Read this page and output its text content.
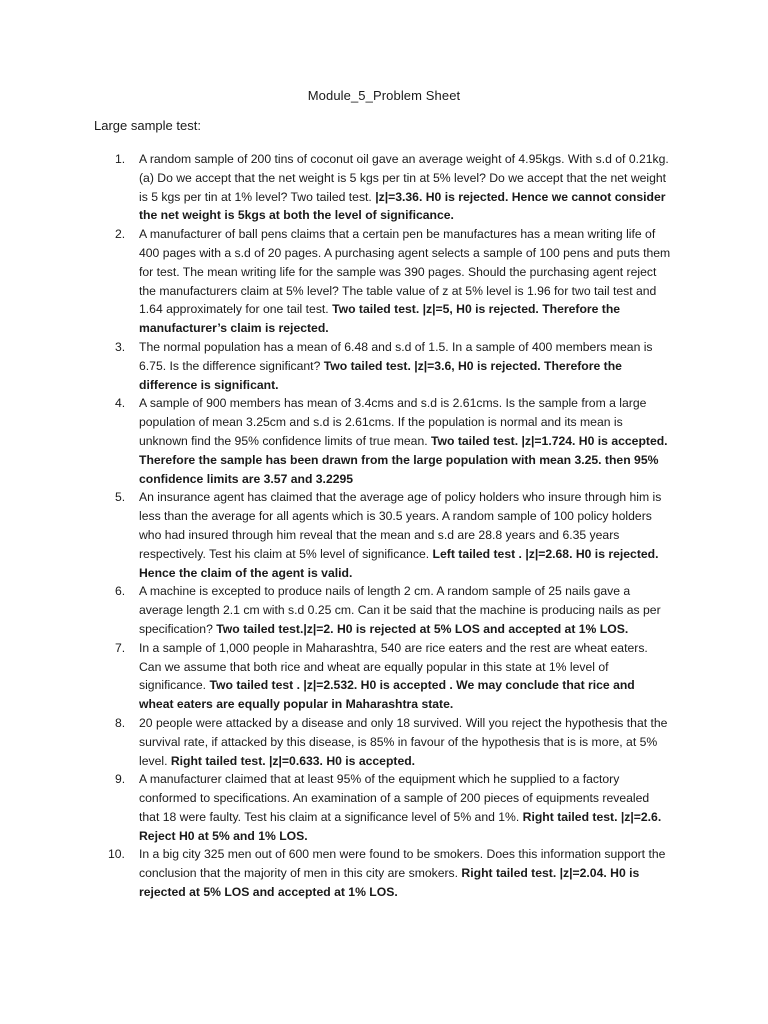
Module_5_Problem Sheet
Large sample test:
1. A random sample of 200 tins of coconut oil gave an average weight of 4.95kgs. With s.d of 0.21kg. (a) Do we accept that the net weight is 5 kgs per tin at 5% level? Do we accept that the net weight is 5 kgs per tin at 1% level? Two tailed test. |z|=3.36. H0 is rejected. Hence we cannot consider the net weight is 5kgs at both the level of significance.
2. A manufacturer of ball pens claims that a certain pen be manufactures has a mean writing life of 400 pages with a s.d of 20 pages. A purchasing agent selects a sample of 100 pens and puts them for test. The mean writing life for the sample was 390 pages. Should the purchasing agent reject the manufacturers claim at 5% level? The table value of z at 5% level is 1.96 for two tail test and 1.64 approximately for one tail test. Two tailed test. |z|=5, H0 is rejected. Therefore the manufacturer’s claim is rejected.
3. The normal population has a mean of 6.48 and s.d of 1.5. In a sample of 400 members mean is 6.75. Is the difference significant? Two tailed test. |z|=3.6, H0 is rejected. Therefore the difference is significant.
4. A sample of 900 members has mean of 3.4cms and s.d is 2.61cms. Is the sample from a large population of mean 3.25cm and s.d is 2.61cms. If the population is normal and its mean is unknown find the 95% confidence limits of true mean. Two tailed test. |z|=1.724. H0 is accepted. Therefore the sample has been drawn from the large population with mean 3.25. then 95% confidence limits are 3.57 and 3.2295
5. An insurance agent has claimed that the average age of policy holders who insure through him is less than the average for all agents which is 30.5 years. A random sample of 100 policy holders who had insured through him reveal that the mean and s.d are 28.8 years and 6.35 years respectively. Test his claim at 5% level of significance. Left tailed test . |z|=2.68. H0 is rejected. Hence the claim of the agent is valid.
6. A machine is excepted to produce nails of length 2 cm. A random sample of 25 nails gave a average length 2.1 cm with s.d 0.25 cm. Can it be said that the machine is producing nails as per specification? Two tailed test.|z|=2. H0 is rejected at 5% LOS and accepted at 1% LOS.
7. In a sample of 1,000 people in Maharashtra, 540 are rice eaters and the rest are wheat eaters. Can we assume that both rice and wheat are equally popular in this state at 1% level of significance. Two tailed test . |z|=2.532. H0 is accepted . We may conclude that rice and wheat eaters are equally popular in Maharashtra state.
8. 20 people were attacked by a disease and only 18 survived. Will you reject the hypothesis that the survival rate, if attacked by this disease, is 85% in favour of the hypothesis that is is more, at 5% level. Right tailed test. |z|=0.633. H0 is accepted.
9. A manufacturer claimed that at least 95% of the equipment which he supplied to a factory conformed to specifications. An examination of a sample of 200 pieces of equipments revealed that 18 were faulty. Test his claim at a significance level of 5% and 1%. Right tailed test. |z|=2.6. Reject H0 at 5% and 1% LOS.
10. In a big city 325 men out of 600 men were found to be smokers. Does this information support the conclusion that the majority of men in this city are smokers. Right tailed test. |z|=2.04. H0 is rejected at 5% LOS and accepted at 1% LOS.
